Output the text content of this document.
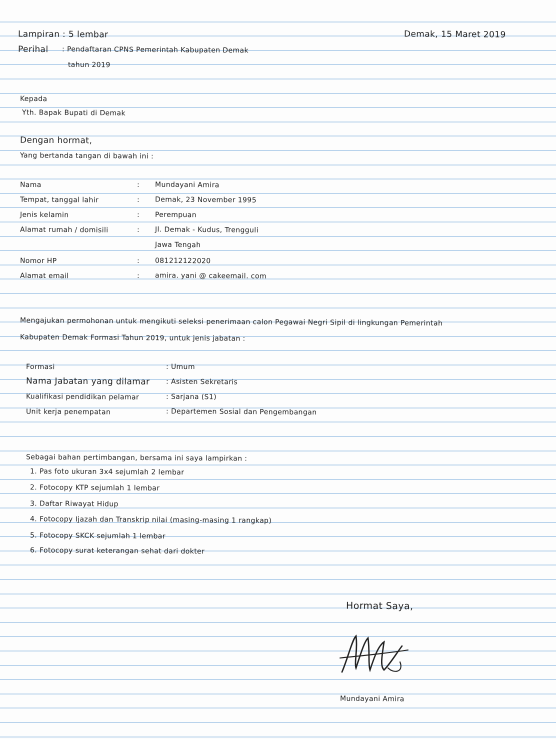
Lampiran : 5 lembar	Demak, 15 Maret 2019
Perihal : Pendaftaran CPNS Pemerintah Kabupaten Demak
tahun 2019
Kepada
Yth. Bapak Bupati di Demak
Dengan hormat,
Yang bertanda tangan di bawah ini :
Nama	: Mundayani Amira
Tempat, tanggal lahir	: Demak, 23 November 1995
Jenis kelamin	: Perempuan
Alamat rumah / domisili	: Jl. Demak - Kudus, Trengguli
Jawa Tengah
Nomor HP	: 081212122020
Alamat email	: amira. yani @ cakeemail. com
Mengajukan permohonan untuk mengikuti seleksi penerimaan calon Pegawai Negri Sipil di lingkungan Pemerintah
Kabupaten Demak Formasi Tahun 2019, untuk jenis jabatan :
Formasi	: Umum
Nama Jabatan yang dilamar : Asisten Sekretaris
Kualifikasi pendidikan pelamar	: Sarjana (S1)
Unit kerja penempatan	: Departemen Sosial dan Pengembangan
Sebagai bahan pertimbangan, bersama ini saya lampirkan :
1. Pas foto ukuran 3x4 sejumlah 2 lembar
2. Fotocopy KTP sejumlah 1 lembar
3. Daftar Riwayat Hidup
4. Fotocopy Ijazah dan Transkrip nilai (masing-masing 1 rangkap)
5. Fotocopy SKCK sejumlah 1 lembar
6. Fotocopy surat keterangan sehat dari dokter
Hormat Saya,
Mundayani Amira
